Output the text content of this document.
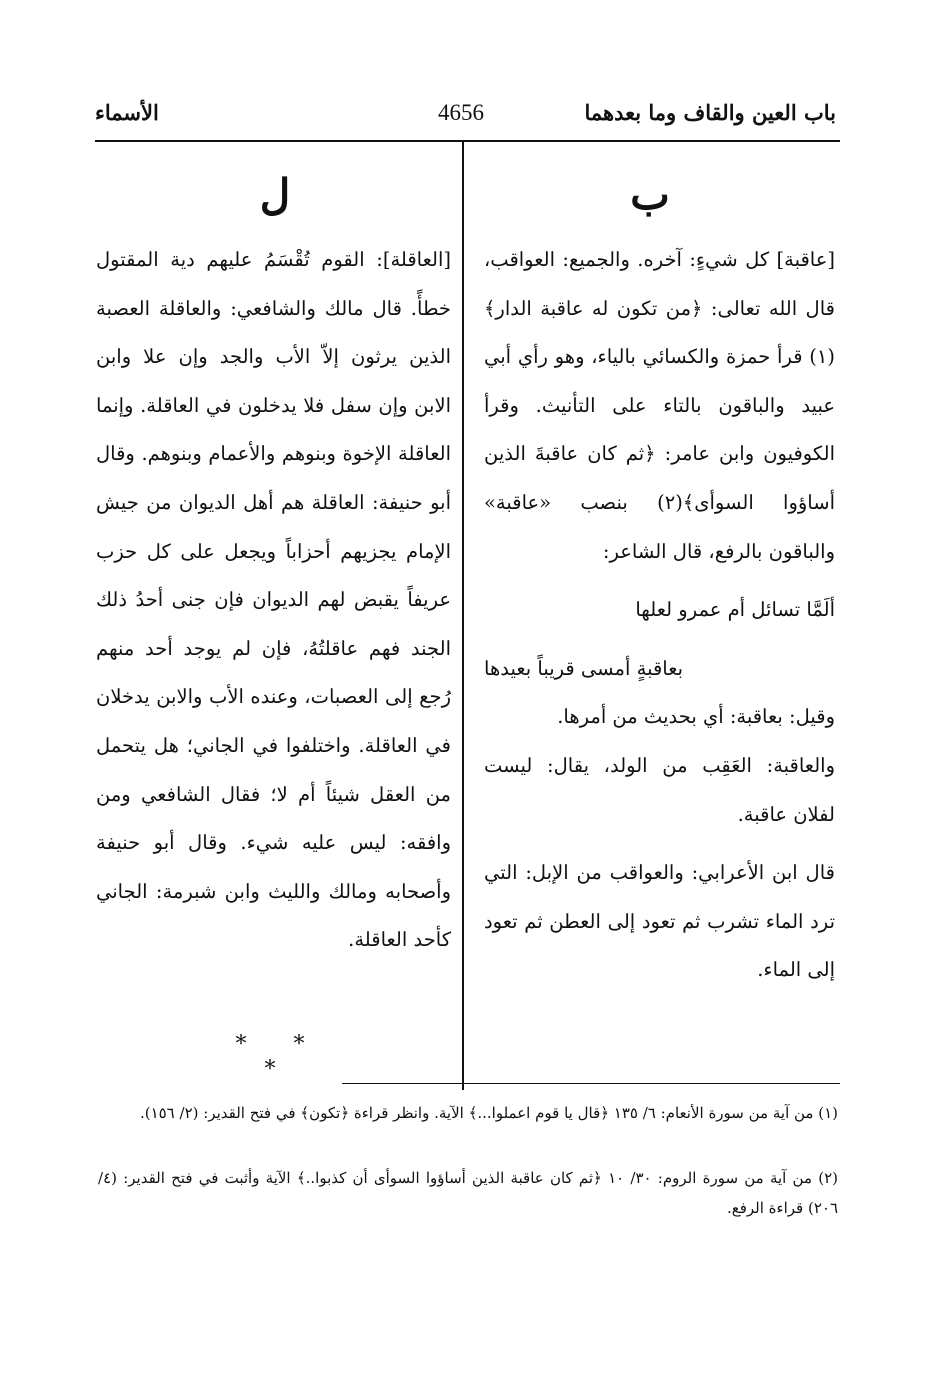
باب العين والقاف وما بعدهما
4656
الأسماء
ب
ل

[عاقبة] كل شيءٍ: آخره. والجميع: العواقب، قال الله تعالى: ﴿من تكون له عاقبة الدار﴾(١) قرأ حمزة والكسائي بالياء، وهو رأي أبي عبيد والباقون بالتاء على التأنيث. وقرأ الكوفيون وابن عامر: ﴿ثم كان عاقبةَ الذين أساؤوا السوأى﴾(٢) بنصب «عاقبة» والباقون بالرفع، قال الشاعر:

ألَمَّا تسائل أم عمرو لعلها

بعاقبةٍ أمسى قريباً بعيدها

وقيل: بعاقبة: أي بحديث من أمرها.

والعاقبة: العَقِب من الولد، يقال: ليست لفلان عاقبة.

قال ابن الأعرابي: والعواقب من الإبل: التي ترد الماء تشرب ثم تعود إلى العطن ثم تعود إلى الماء.

[العاقلة]: القوم تُقْسَمُ عليهم دية المقتول خطأً. قال مالك والشافعي: والعاقلة العصبة الذين يرثون إلاّ الأب والجد وإن علا وابن الابن وإن سفل فلا يدخلون في العاقلة. وإنما العاقلة الإخوة وبنوهم والأعمام وبنوهم. وقال أبو حنيفة: العاقلة هم أهل الديوان من جيش الإمام يجزيهم أحزاباً ويجعل على كل حزب عريفاً يقبض لهم الديوان فإن جنى أحدُ ذلك الجند فهم عاقلتُهُ، فإن لم يوجد أحد منهم رُجع إلى العصبات، وعنده الأب والابن يدخلان في العاقلة. واختلفوا في الجاني؛ هل يتحمل من العقل شيئاً أم لا؛ فقال الشافعي ومن وافقه: ليس عليه شيء. وقال أبو حنيفة وأصحابه ومالك والليث وابن شبرمة: الجاني كأحد العاقلة.

* * *
(١) من آية من سورة الأنعام: ٦/ ١٣٥ ﴿قال يا قوم اعملوا...﴾ الآية. وانظر قراءة ﴿تكون﴾ في فتح القدير: (٢/ ١٥٦).
(٢) من آية من سورة الروم: ٣٠/ ١٠ ﴿ثم كان عاقبة الذين أساؤوا السوأى أن كذبوا..﴾ الآية وأثبت في فتح القدير: (٤/ ٢٠٦) قراءة الرفع.
